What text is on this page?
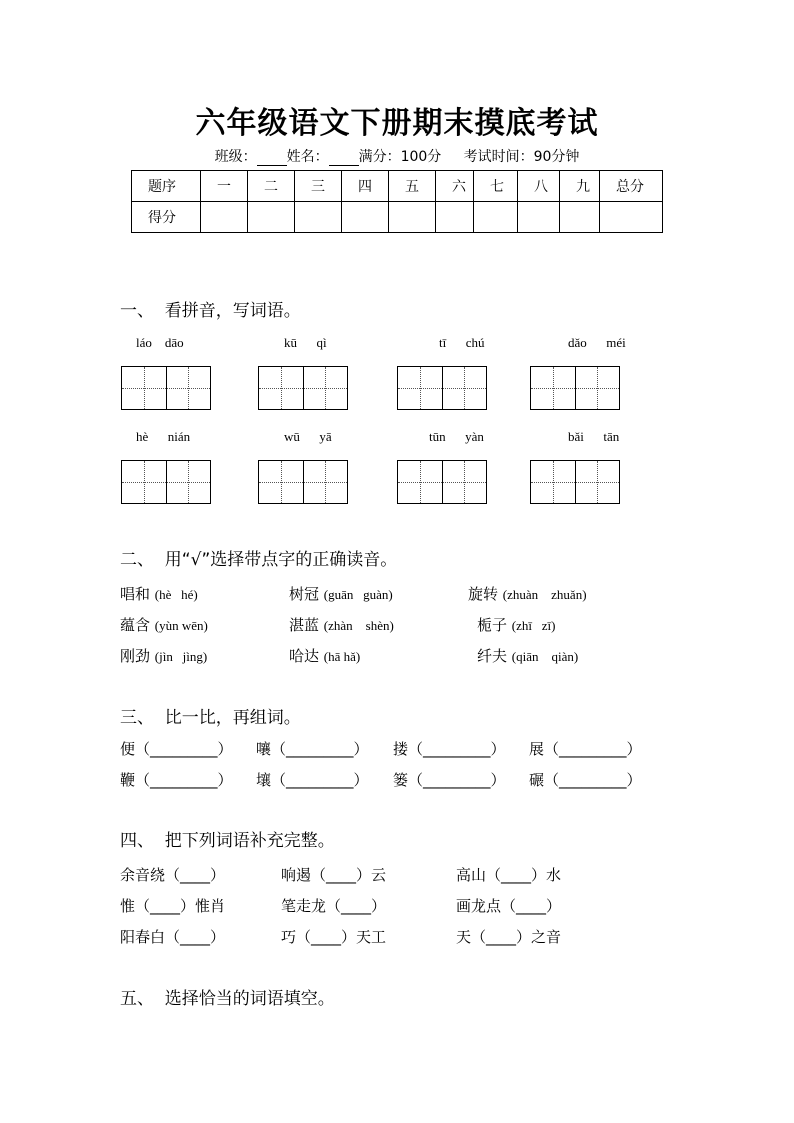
六年级语文下册期末摸底考试
班级： 姓名： 满分：100分 考试时间：90分钟
题序	一	二	三	四	五	六	七	八	九	总分
得分										
一、  看拼音，写词语。
láo    dāo	kū      qì	tī      chú	dǎo      méi
hè      nián	wū      yā	tūn      yàn	bǎi      tān
二、  用“√”选择带点字的正确读音。
唱和 (hè   hé)	树冠 (guān   guàn)	旋转 (zhuàn    zhuǎn)
蕴含 (yùn wēn)	湛蓝 (zhàn    shèn)	栀子 (zhī   zī)
刚劲 (jìn   jìng)	哈达 (hā hǎ)	纤夫 (qiān    qiàn)
三、  比一比，再组词。
便（_________） 嚷（_________） 搂（_________） 展（_________）
鞭（_________） 壤（_________） 篓（_________） 碾（_________）
四、  把下列词语补充完整。
余音绕（____）	响遏（____）云	高山（____）水
惟（____）惟肖	笔走龙（____）	画龙点（____）
阳春白（____）	巧（____）天工	天（____）之音
五、  选择恰当的词语填空。
